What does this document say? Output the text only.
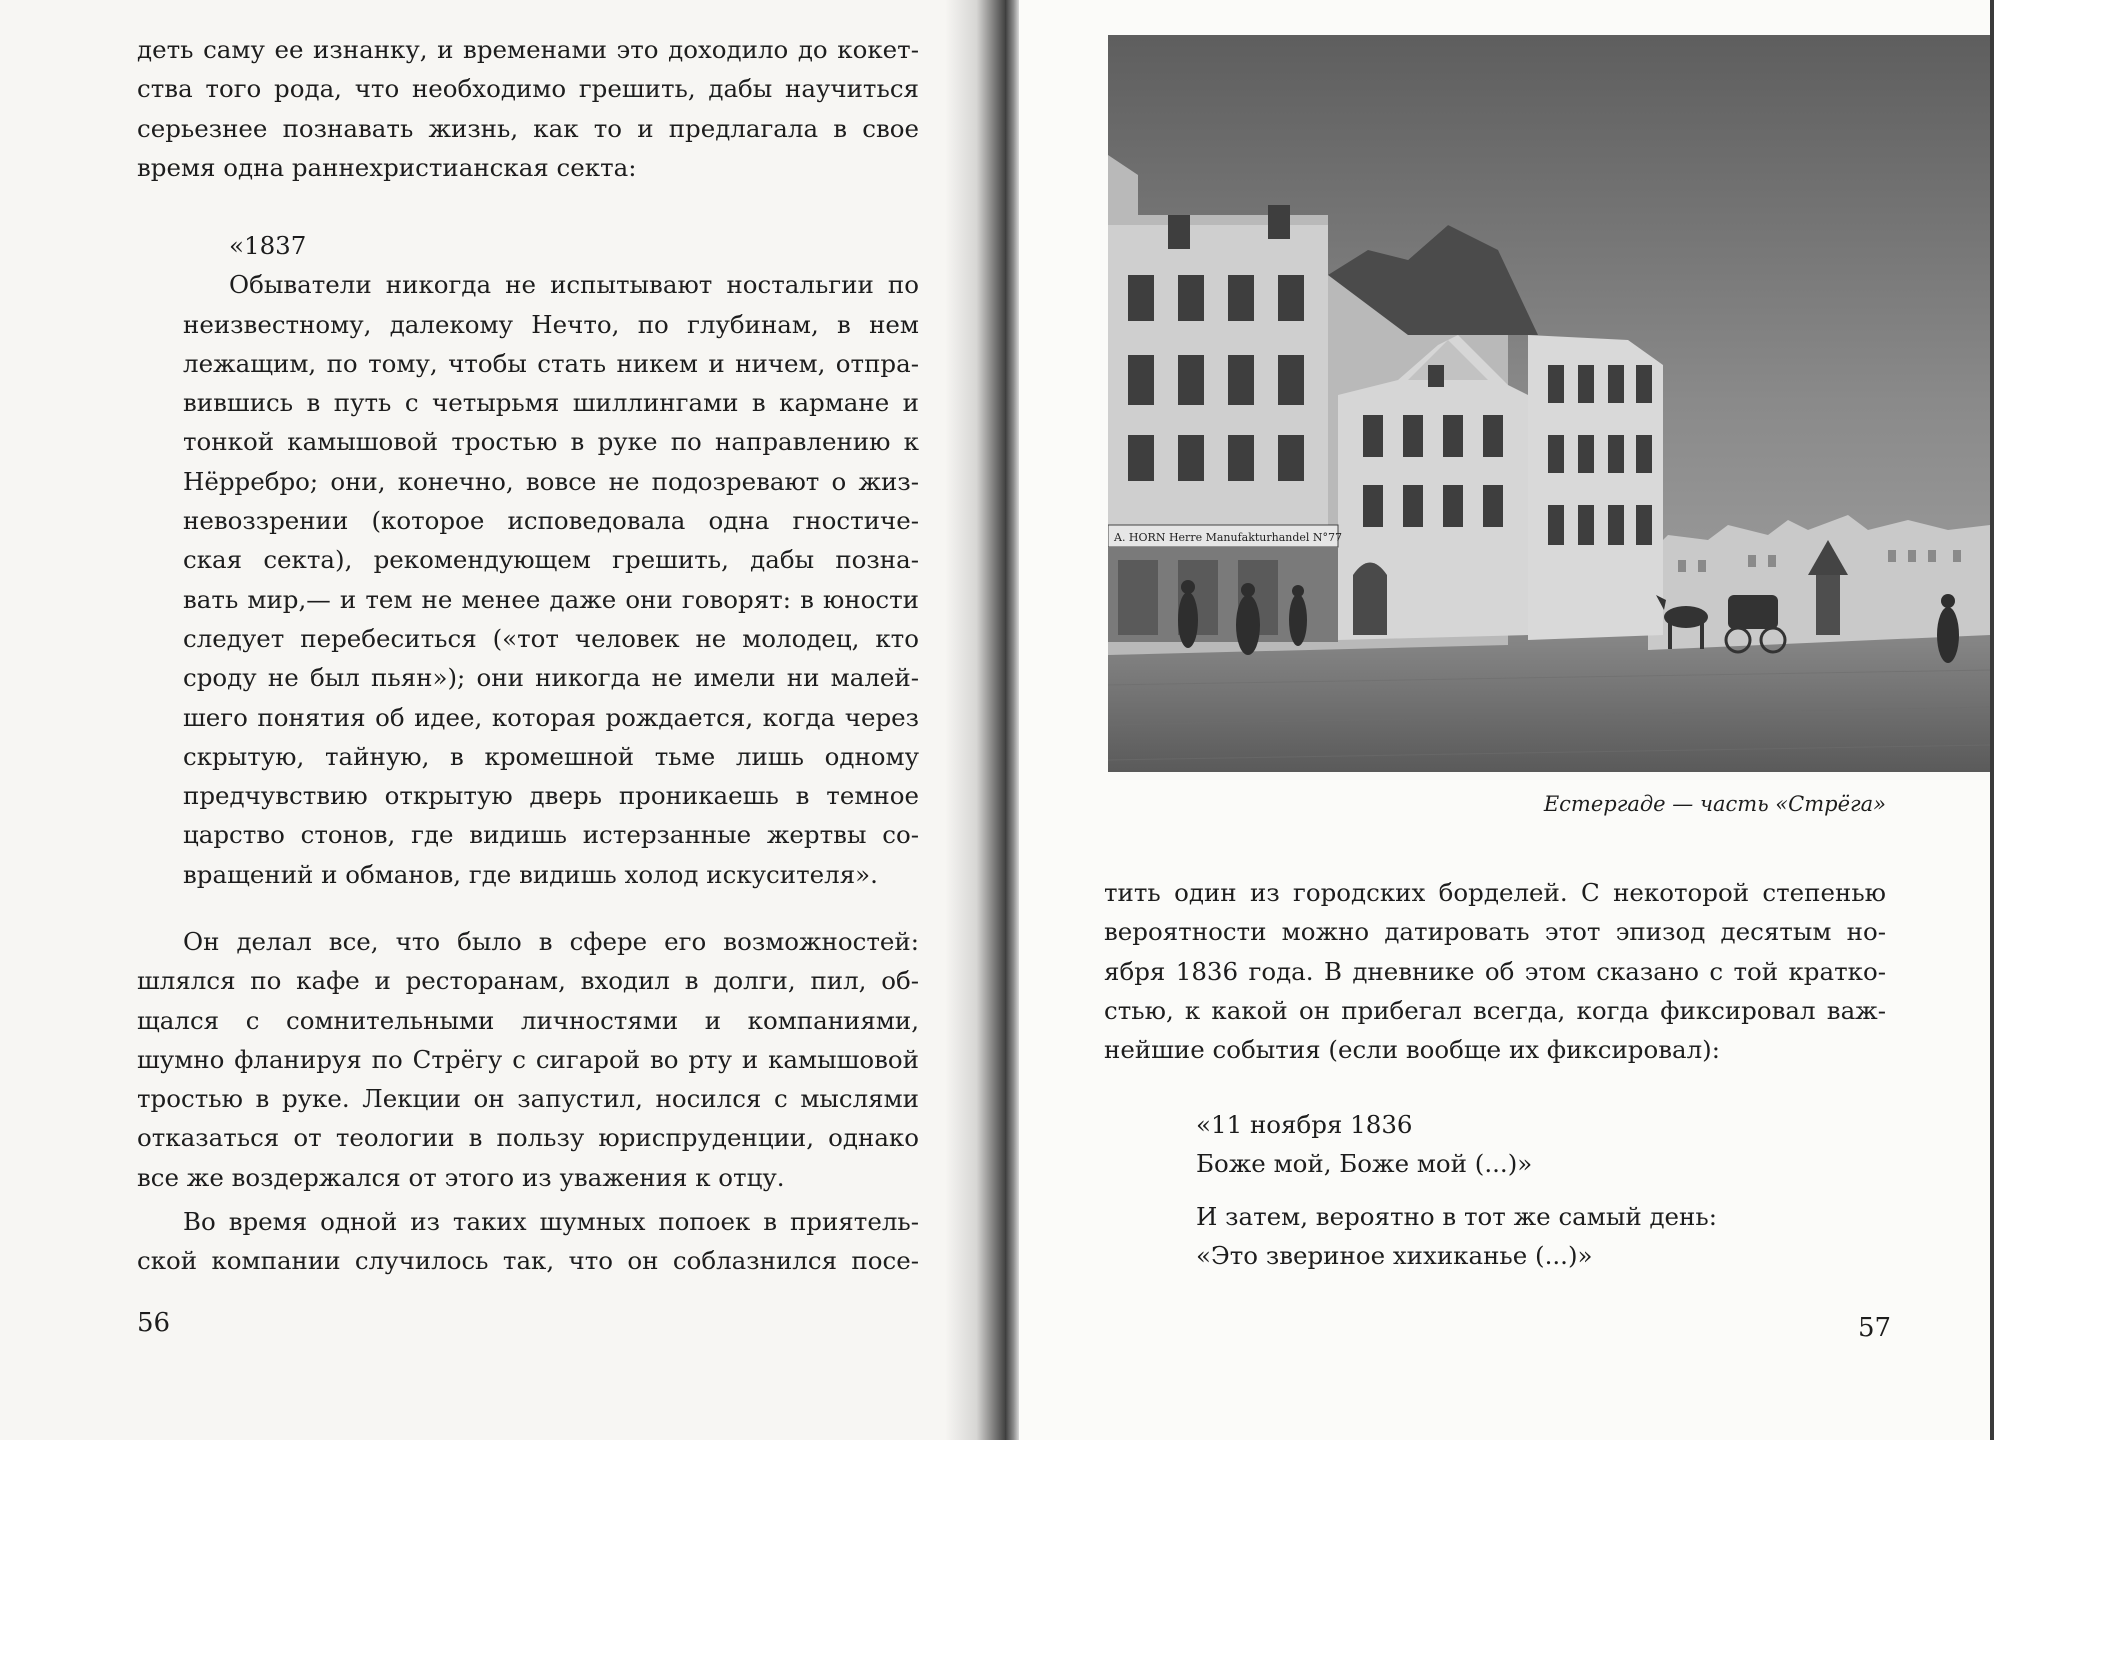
деть саму ее изнанку, и временами это доходило до кокет-
ства того рода, что необходимо грешить, дабы научиться
серьезнее познавать жизнь, как то и предлагала в свое
время одна раннехристианская секта:
«1837
Обыватели никогда не испытывают ностальгии по
неизвестному, далекому Нечто, по глубинам, в нем
лежащим, по тому, чтобы стать никем и ничем, отпра-
вившись в путь с четырьмя шиллингами в кармане и
тонкой камышовой тростью в руке по направлению к
Нёрребро; они, конечно, вовсе не подозревают о жиз-
невоззрении (которое исповедовала одна гностиче-
ская секта), рекомендующем грешить, дабы позна-
вать мир,— и тем не менее даже они говорят: в юности
следует перебеситься («тот человек не молодец, кто
сроду не был пьян»); они никогда не имели ни малей-
шего понятия об идее, которая рождается, когда через
скрытую, тайную, в кромешной тьме лишь одному
предчувствию открытую дверь проникаешь в темное
царство стонов, где видишь истерзанные жертвы со-
вращений и обманов, где видишь холод искусителя».
Он делал все, что было в сфере его возможностей:
шлялся по кафе и ресторанам, входил в долги, пил, об-
щался с сомнительными личностями и компаниями,
шумно фланируя по Стрёгу с сигарой во рту и камышовой
тростью в руке. Лекции он запустил, носился с мыслями
отказаться от теологии в пользу юриспруденции, однако
все же воздержался от этого из уважения к отцу.
Во время одной из таких шумных попоек в приятель-
ской компании случилось так, что он соблазнился посе-
56
A. HORN Herre Manufakturhandel N°77
Естергаде — часть «Стрёга»
тить один из городских борделей. С некоторой степенью
вероятности можно датировать этот эпизод десятым но-
ября 1836 года. В дневнике об этом сказано с той кратко-
стью, к какой он прибегал всегда, когда фиксировал важ-
нейшие события (если вообще их фиксировал):
«11 ноября 1836
Боже мой, Боже мой (...)»
И затем, вероятно в тот же самый день:
«Это звериное хихиканье (...)»
57
